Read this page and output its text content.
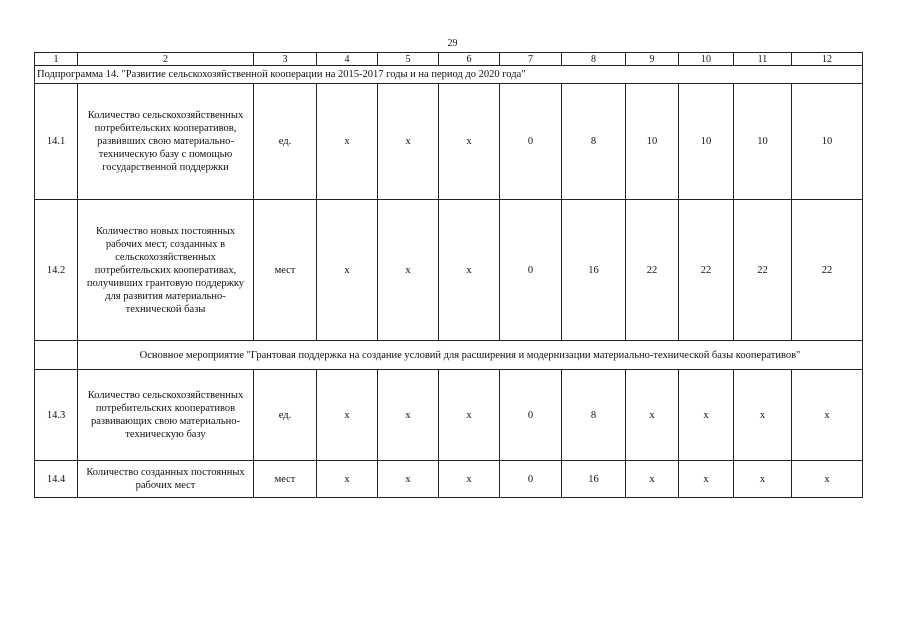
29
1	2	3	4	5	6	7	8	9	10	11	12
Подпрограмма 14. "Развитие сельскохозяйственной кооперации на 2015-2017 годы и на период до 2020 года"											
14.1	Количество сельскохозяйственных потребительских кооперативов, развивших свою материально-техническую базу с помощью государственной поддержки	ед.	x	x	x	0	8	10	10	10	10
14.2	Количество новых постоянных рабочих мест, созданных в сельскохозяйственных потребительских кооперативах, получивших грантовую поддержку для развития материально-технической базы	мест	x	x	x	0	16	22	22	22	22
	Основное мероприятие "Грантовая поддержка на создание условий для расширения и модернизации материально-технической базы кооперативов"										
14.3	Количество сельскохозяйственных потребительских кооперативов развивающих свою материально-техническую базу	ед.	x	x	x	0	8	x	x	x	x
14.4	Количество созданных постоянных рабочих мест	мест	x	x	x	0	16	x	x	x	x
